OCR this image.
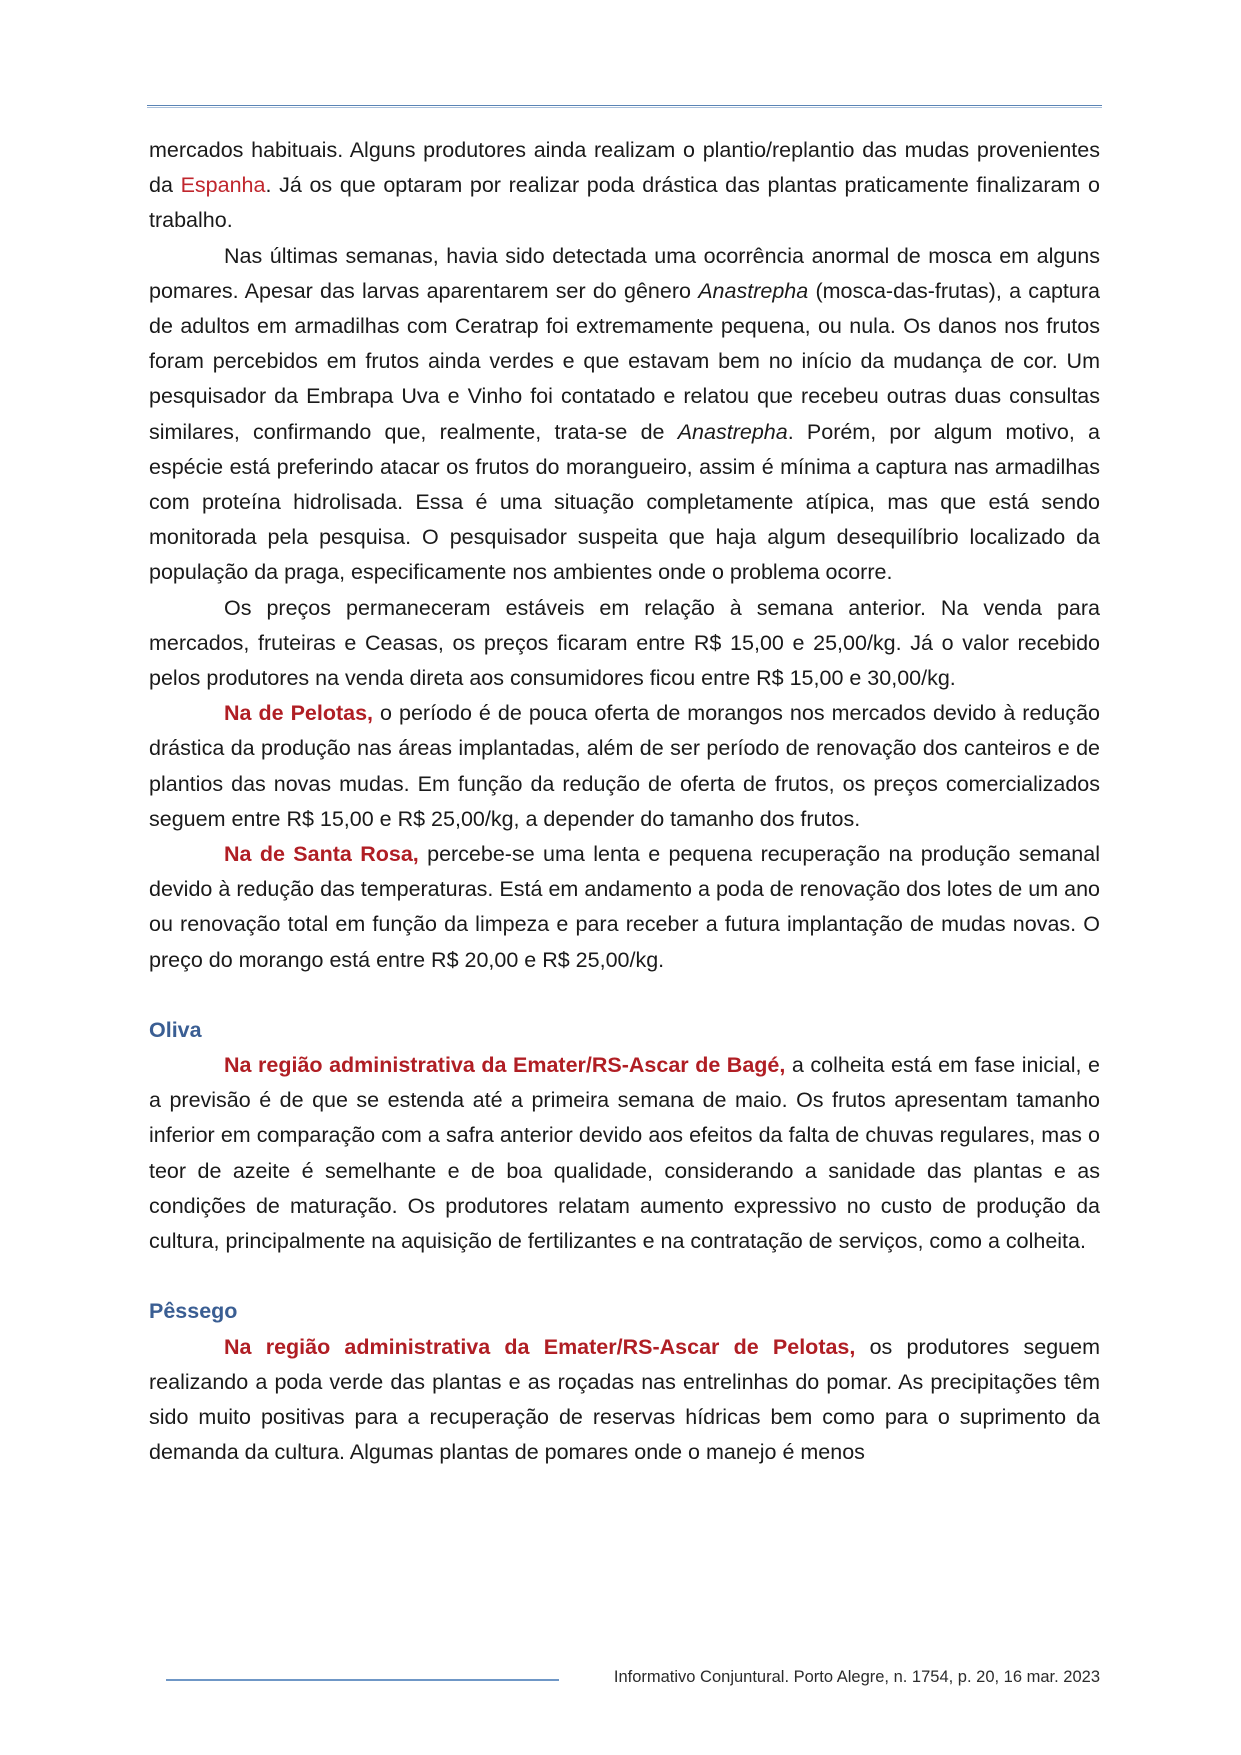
mercados habituais. Alguns produtores ainda realizam o plantio/replantio das mudas provenientes da Espanha. Já os que optaram por realizar poda drástica das plantas praticamente finalizaram o trabalho.

Nas últimas semanas, havia sido detectada uma ocorrência anormal de mosca em alguns pomares. Apesar das larvas aparentarem ser do gênero Anastrepha (mosca-das-frutas), a captura de adultos em armadilhas com Ceratrap foi extremamente pequena, ou nula. Os danos nos frutos foram percebidos em frutos ainda verdes e que estavam bem no início da mudança de cor. Um pesquisador da Embrapa Uva e Vinho foi contatado e relatou que recebeu outras duas consultas similares, confirmando que, realmente, trata-se de Anastrepha. Porém, por algum motivo, a espécie está preferindo atacar os frutos do morangueiro, assim é mínima a captura nas armadilhas com proteína hidrolisada. Essa é uma situação completamente atípica, mas que está sendo monitorada pela pesquisa. O pesquisador suspeita que haja algum desequilíbrio localizado da população da praga, especificamente nos ambientes onde o problema ocorre.

Os preços permaneceram estáveis em relação à semana anterior. Na venda para mercados, fruteiras e Ceasas, os preços ficaram entre R$ 15,00 e 25,00/kg. Já o valor recebido pelos produtores na venda direta aos consumidores ficou entre R$ 15,00 e 30,00/kg.

Na de Pelotas, o período é de pouca oferta de morangos nos mercados devido à redução drástica da produção nas áreas implantadas, além de ser período de renovação dos canteiros e de plantios das novas mudas. Em função da redução de oferta de frutos, os preços comercializados seguem entre R$ 15,00 e R$ 25,00/kg, a depender do tamanho dos frutos.

Na de Santa Rosa, percebe-se uma lenta e pequena recuperação na produção semanal devido à redução das temperaturas. Está em andamento a poda de renovação dos lotes de um ano ou renovação total em função da limpeza e para receber a futura implantação de mudas novas. O preço do morango está entre R$ 20,00 e R$ 25,00/kg.

Oliva

Na região administrativa da Emater/RS-Ascar de Bagé, a colheita está em fase inicial, e a previsão é de que se estenda até a primeira semana de maio. Os frutos apresentam tamanho inferior em comparação com a safra anterior devido aos efeitos da falta de chuvas regulares, mas o teor de azeite é semelhante e de boa qualidade, considerando a sanidade das plantas e as condições de maturação. Os produtores relatam aumento expressivo no custo de produção da cultura, principalmente na aquisição de fertilizantes e na contratação de serviços, como a colheita.

Pêssego

Na região administrativa da Emater/RS-Ascar de Pelotas, os produtores seguem realizando a poda verde das plantas e as roçadas nas entrelinhas do pomar. As precipitações têm sido muito positivas para a recuperação de reservas hídricas bem como para o suprimento da demanda da cultura. Algumas plantas de pomares onde o manejo é menos

Informativo Conjuntural. Porto Alegre, n. 1754, p. 20, 16 mar. 2023
